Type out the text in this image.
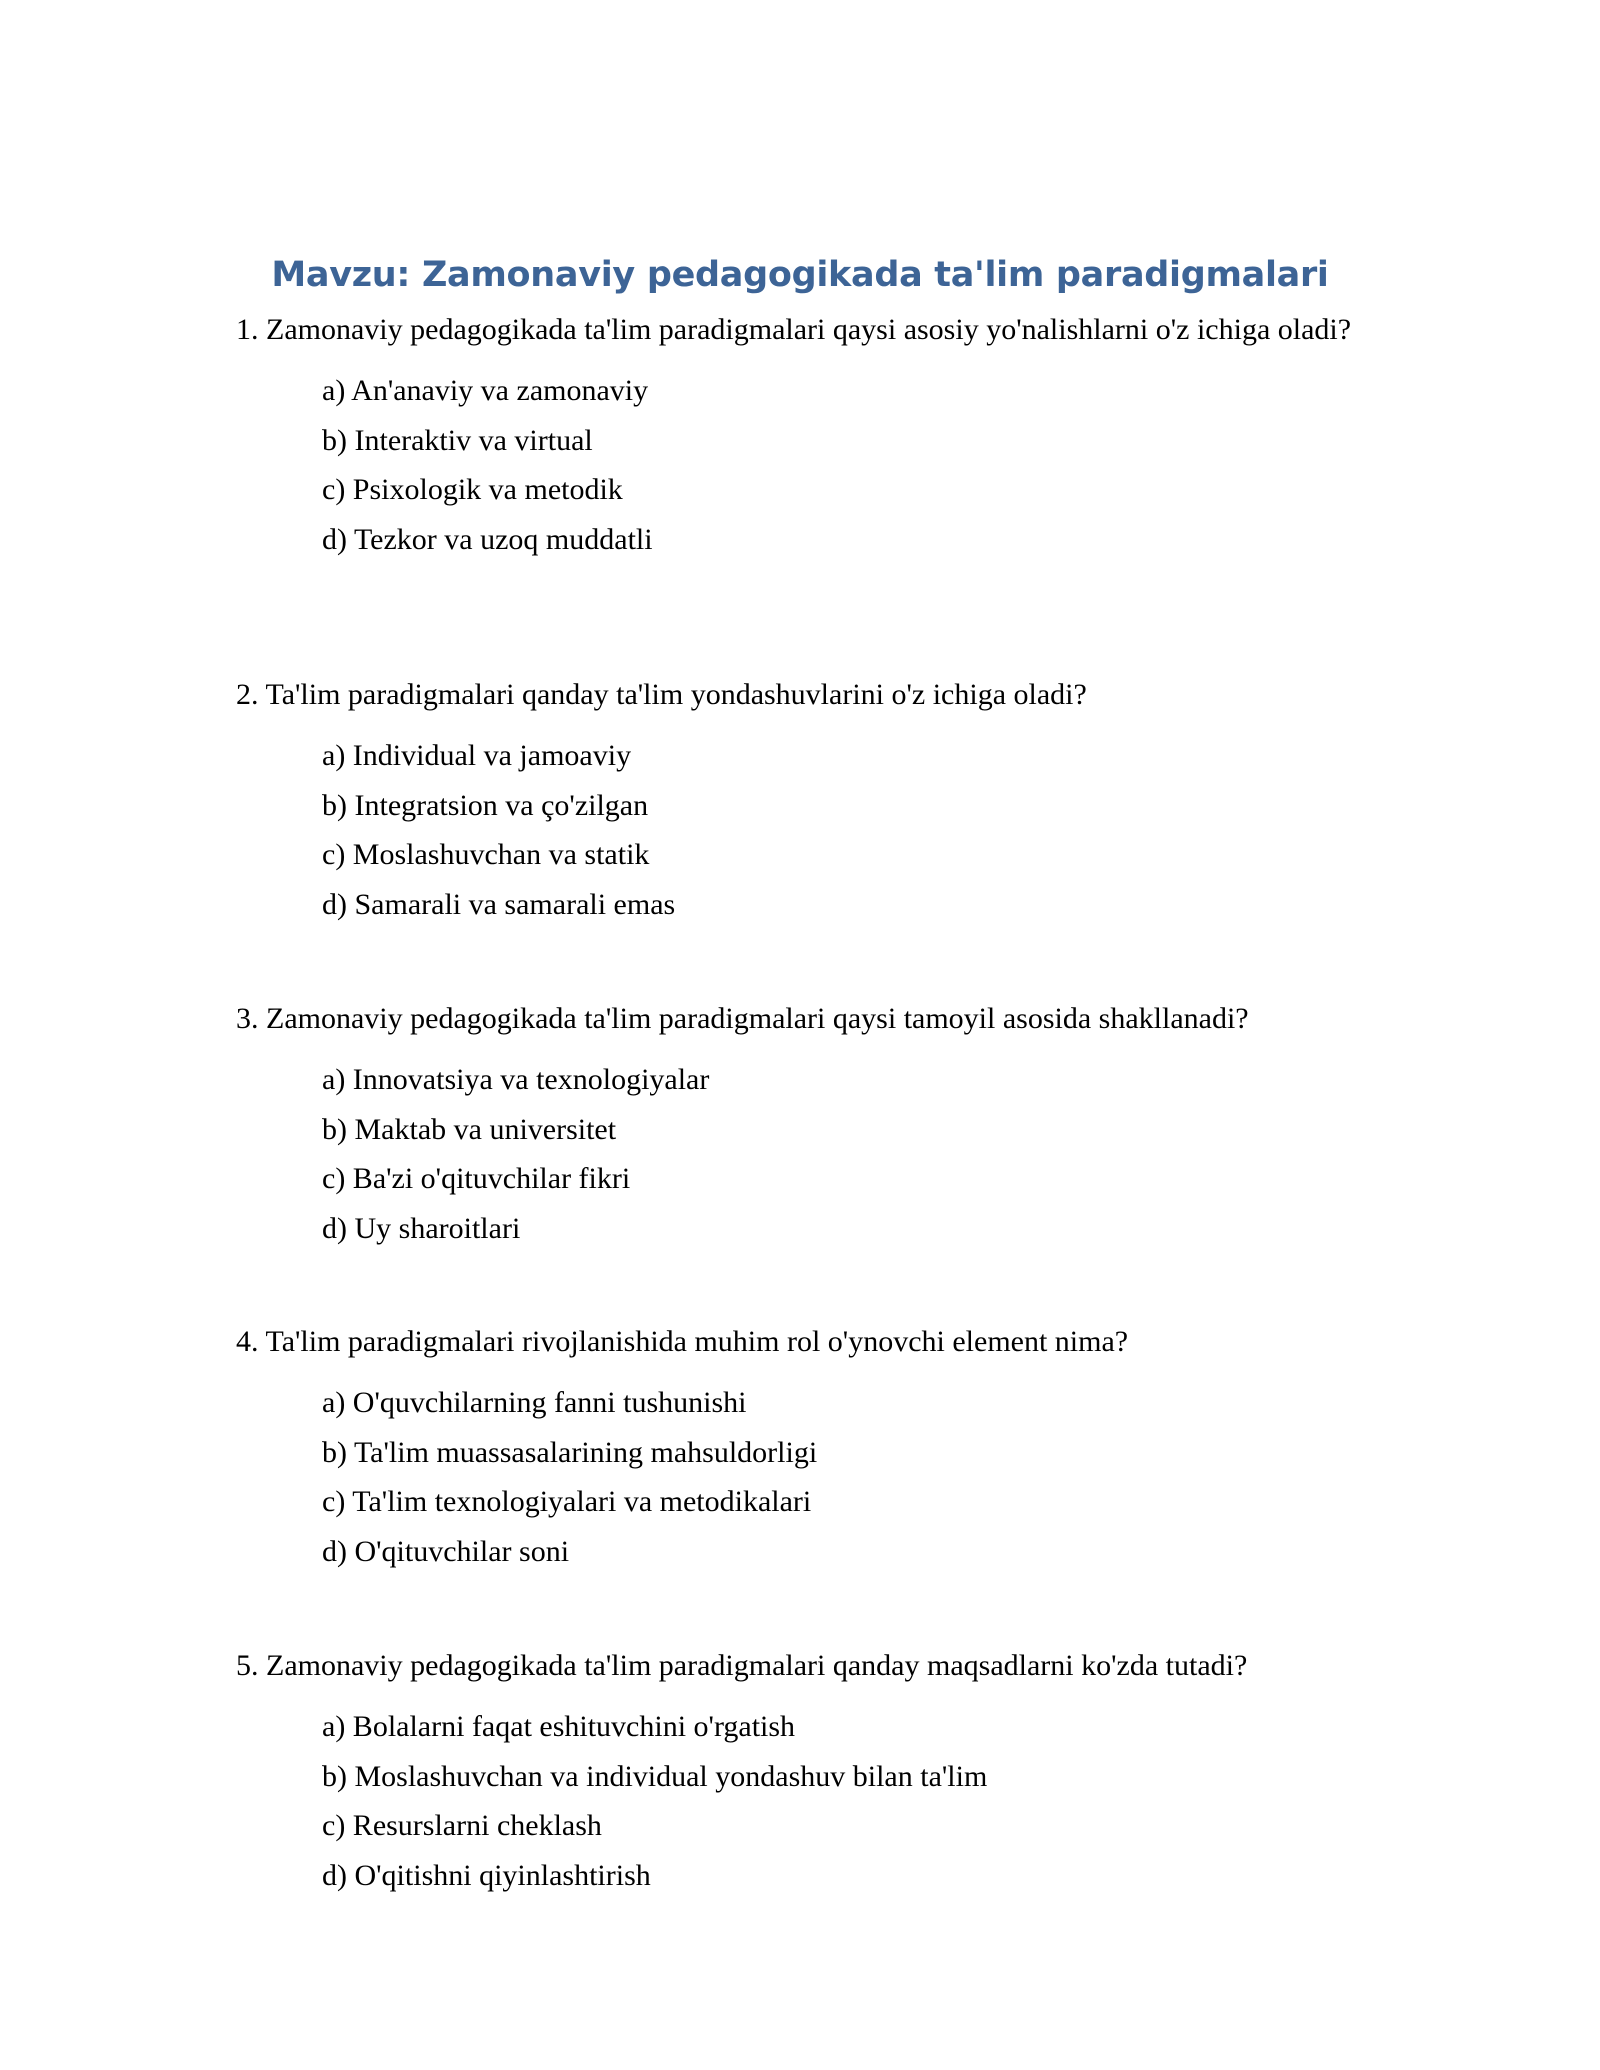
Mavzu: Zamonaviy pedagogikada ta'lim paradigmalari

1. Zamonaviy pedagogikada ta'lim paradigmalari qaysi asosiy yo'nalishlarni o'z ichiga oladi?

a) An'anaviy va zamonaviy
b) Interaktiv va virtual
c) Psixologik va metodik
d) Tezkor va uzoq muddatli

2. Ta'lim paradigmalari qanday ta'lim yondashuvlarini o'z ichiga oladi?

a) Individual va jamoaviy
b) Integratsion va ço'zilgan
c) Moslashuvchan va statik
d) Samarali va samarali emas

3. Zamonaviy pedagogikada ta'lim paradigmalari qaysi tamoyil asosida shakllanadi?

a) Innovatsiya va texnologiyalar
b) Maktab va universitet
c) Ba'zi o'qituvchilar fikri
d) Uy sharoitlari

4. Ta'lim paradigmalari rivojlanishida muhim rol o'ynovchi element nima?

a) O'quvchilarning fanni tushunishi
b) Ta'lim muassasalarining mahsuldorligi
c) Ta'lim texnologiyalari va metodikalari
d) O'qituvchilar soni

5. Zamonaviy pedagogikada ta'lim paradigmalari qanday maqsadlarni ko'zda tutadi?

a) Bolalarni faqat eshituvchini o'rgatish
b) Moslashuvchan va individual yondashuv bilan ta'lim
c) Resurslarni cheklash
d) O'qitishni qiyinlashtirish
